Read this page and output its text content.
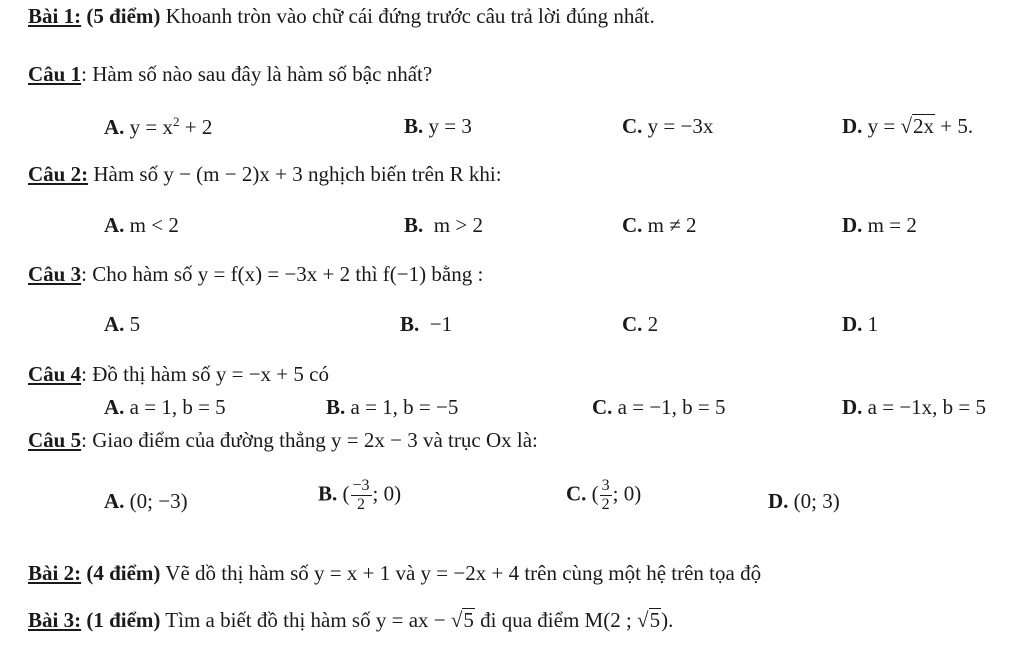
Bài 1: (5 điểm) Khoanh tròn vào chữ cái đứng trước câu trả lời đúng nhất.
Câu 1: Hàm số nào sau đây là hàm số bậc nhất?
A. $y = x^2 + 2$	B. y = 3	C. y = −3x	D. y = √2x + 5.
Câu 2: Hàm số y − (m − 2)x + 3 nghịch biến trên R khi:
A. m < 2	B. m > 2	C. m ≠ 2	D. m = 2
Câu 3: Cho hàm số y = f(x) = −3x + 2 thì f(−1) bằng :
A. 5	B. −1	C. 2	D. 1
Câu 4: Đồ thị hàm số y = −x + 5 có
A. a = 1, b = 5	B. a = 1, b = −5	C. a = −1, b = 5	D. a = −1x, b = 5
Câu 5: Giao điểm của đường thẳng y = 2x − 3 và trục Ox là:
A. (0; −3)	B. ( $\frac{-3}{2}$ ; 0)	C. ( $\frac{3}{2}$ ; 0)	D. (0; 3)
Bài 2: (4 điểm) Vẽ dồ thị hàm số y = x + 1 và y = −2x + 4 trên cùng một hệ trên tọa độ
Bài 3: (1 điểm) Tìm a biết đồ thị hàm số y = ax − √5 đi qua điểm M(2 ; √5).
